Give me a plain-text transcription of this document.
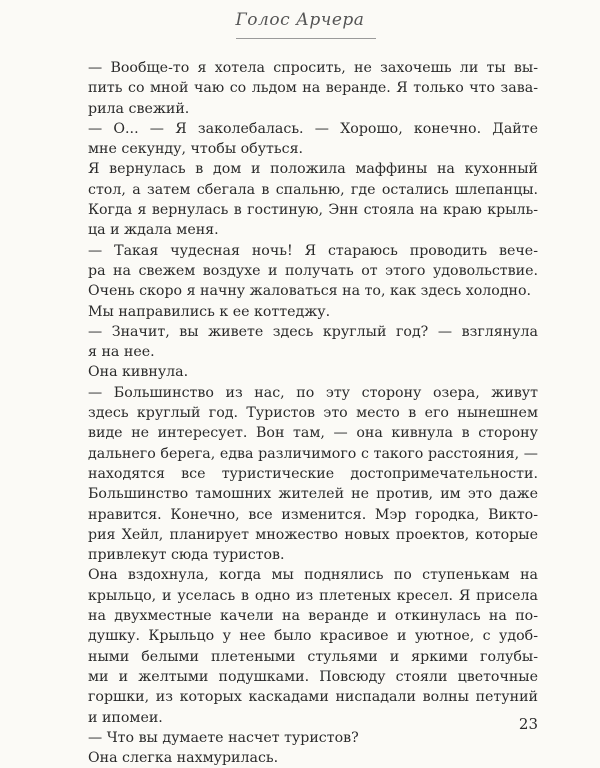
Голос Арчера

— Вообще-то я хотела спросить, не захочешь ли ты вы-
пить со мной чаю со льдом на веранде. Я только что зава-
рила свежий.

— О... — Я заколебалась. — Хорошо, конечно. Дайте
мне секунду, чтобы обуться.

Я вернулась в дом и положила маффины на кухонный
стол, а затем сбегала в спальню, где остались шлепанцы.
Когда я вернулась в гостиную, Энн стояла на краю крыль-
ца и ждала меня.

— Такая чудесная ночь! Я стараюсь проводить вече-
ра на свежем воздухе и получать от этого удовольствие.
Очень скоро я начну жаловаться на то, как здесь холодно.

Мы направились к ее коттеджу.

— Значит, вы живете здесь круглый год? — взглянула
я на нее.

Она кивнула.

— Большинство из нас, по эту сторону озера, живут
здесь круглый год. Туристов это место в его нынешнем
виде не интересует. Вон там, — она кивнула в сторону
дальнего берега, едва различимого с такого расстояния, —
находятся все туристические достопримечательности.
Большинство тамошних жителей не против, им это даже
нравится. Конечно, все изменится. Мэр городка, Викто-
рия Хейл, планирует множество новых проектов, которые
привлекут сюда туристов.

Она вздохнула, когда мы поднялись по ступенькам на
крыльцо, и уселась в одно из плетеных кресел. Я присела
на двухместные качели на веранде и откинулась на по-
душку. Крыльцо у нее было красивое и уютное, с удоб-
ными белыми плетеными стульями и яркими голубы-
ми и желтыми подушками. Повсюду стояли цветочные
горшки, из которых каскадами ниспадали волны петуний
и ипомеи.

— Что вы думаете насчет туристов?

Она слегка нахмурилась.

23
